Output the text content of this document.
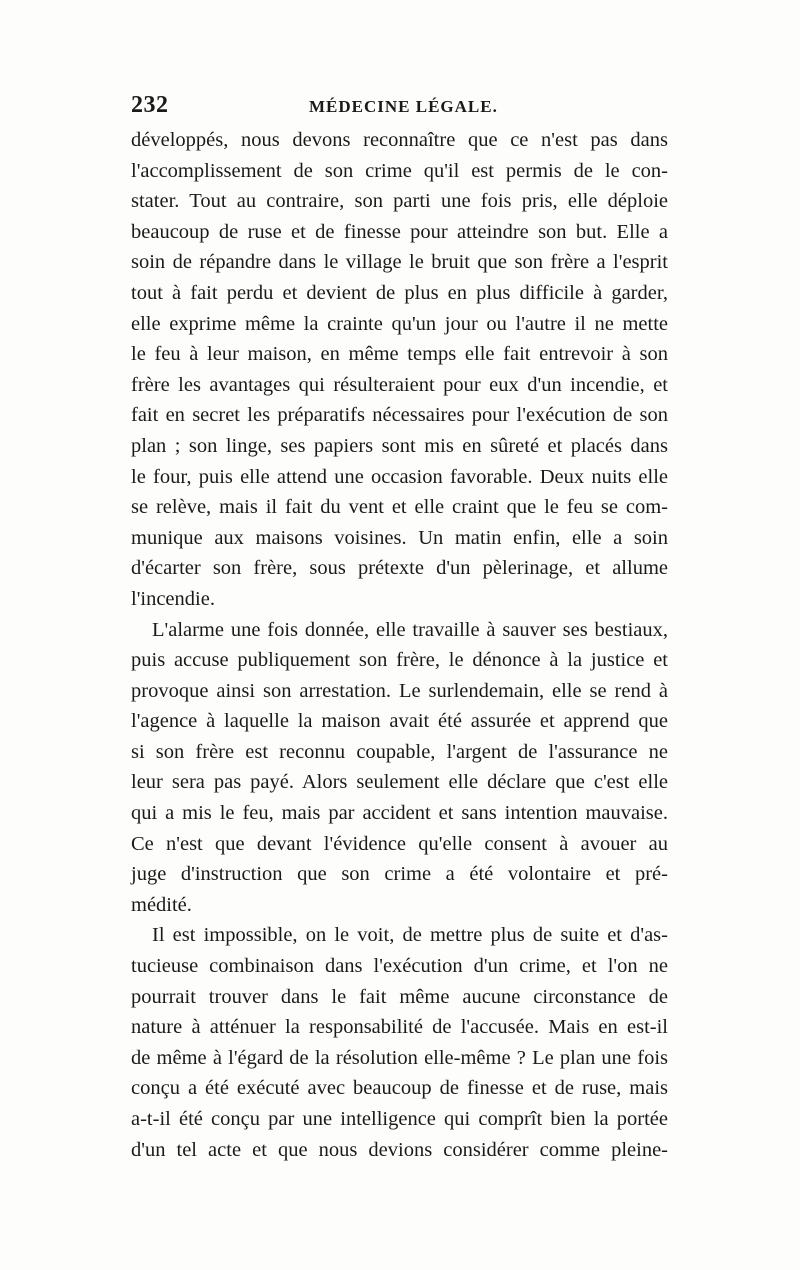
232	MÉDECINE LÉGALE.
développés, nous devons reconnaître que ce n'est pas dans
l'accomplissement de son crime qu'il est permis de le con-
stater. Tout au contraire, son parti une fois pris, elle déploie
beaucoup de ruse et de finesse pour atteindre son but. Elle a
soin de répandre dans le village le bruit que son frère a l'esprit
tout à fait perdu et devient de plus en plus difficile à garder,
elle exprime même la crainte qu'un jour ou l'autre il ne mette
le feu à leur maison, en même temps elle fait entrevoir à son
frère les avantages qui résulteraient pour eux d'un incendie, et
fait en secret les préparatifs nécessaires pour l'exécution de son
plan ; son linge, ses papiers sont mis en sûreté et placés dans
le four, puis elle attend une occasion favorable. Deux nuits elle
se relève, mais il fait du vent et elle craint que le feu se com-
munique aux maisons voisines. Un matin enfin, elle a soin
d'écarter son frère, sous prétexte d'un pèlerinage, et allume
l'incendie.
L'alarme une fois donnée, elle travaille à sauver ses bestiaux,
puis accuse publiquement son frère, le dénonce à la justice et
provoque ainsi son arrestation. Le surlendemain, elle se rend à
l'agence à laquelle la maison avait été assurée et apprend que
si son frère est reconnu coupable, l'argent de l'assurance ne
leur sera pas payé. Alors seulement elle déclare que c'est elle
qui a mis le feu, mais par accident et sans intention mauvaise.
Ce n'est que devant l'évidence qu'elle consent à avouer au
juge d'instruction que son crime a été volontaire et pré-
médité.
Il est impossible, on le voit, de mettre plus de suite et d'as-
tucieuse combinaison dans l'exécution d'un crime, et l'on ne
pourrait trouver dans le fait même aucune circonstance de
nature à atténuer la responsabilité de l'accusée. Mais en est-il
de même à l'égard de la résolution elle-même ? Le plan une fois
conçu a été exécuté avec beaucoup de finesse et de ruse, mais
a-t-il été conçu par une intelligence qui comprît bien la portée
d'un tel acte et que nous devions considérer comme pleine-
